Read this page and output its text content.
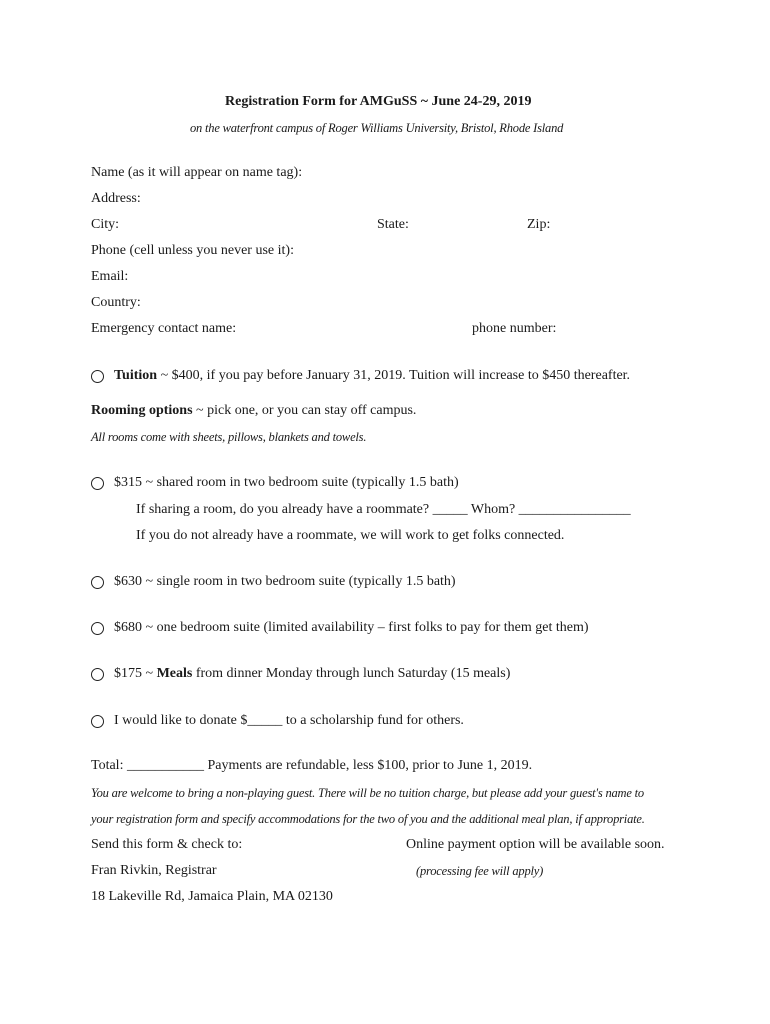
Registration Form for AMGuSS ~ June 24-29, 2019
on the waterfront campus of Roger Williams University, Bristol, Rhode Island
Name (as it will appear on name tag):
Address:
City:	State:	Zip:
Phone (cell unless you never use it):
Email:
Country:
Emergency contact name:	phone number:
Tuition ~ $400, if you pay before January 31, 2019. Tuition will increase to $450 thereafter.
Rooming options ~ pick one, or you can stay off campus.
All rooms come with sheets, pillows, blankets and towels.
$315 ~ shared room in two bedroom suite (typically 1.5 bath)
If sharing a room, do you already have a roommate? _____ Whom? ________________
If you do not already have a roommate, we will work to get folks connected.
$630 ~ single room in two bedroom suite (typically 1.5 bath)
$680 ~ one bedroom suite (limited availability – first folks to pay for them get them)
$175 ~ Meals from dinner Monday through lunch Saturday (15 meals)
I would like to donate $_____ to a scholarship fund for others.
Total: ___________ Payments are refundable, less $100, prior to June 1, 2019.
You are welcome to bring a non-playing guest. There will be no tuition charge, but please add your guest's name to
your registration form and specify accommodations for the two of you and the additional meal plan, if appropriate.
Send this form & check to:	Online payment option will be available soon.
Fran Rivkin, Registrar	(processing fee will apply)
18 Lakeville Rd, Jamaica Plain, MA 02130
